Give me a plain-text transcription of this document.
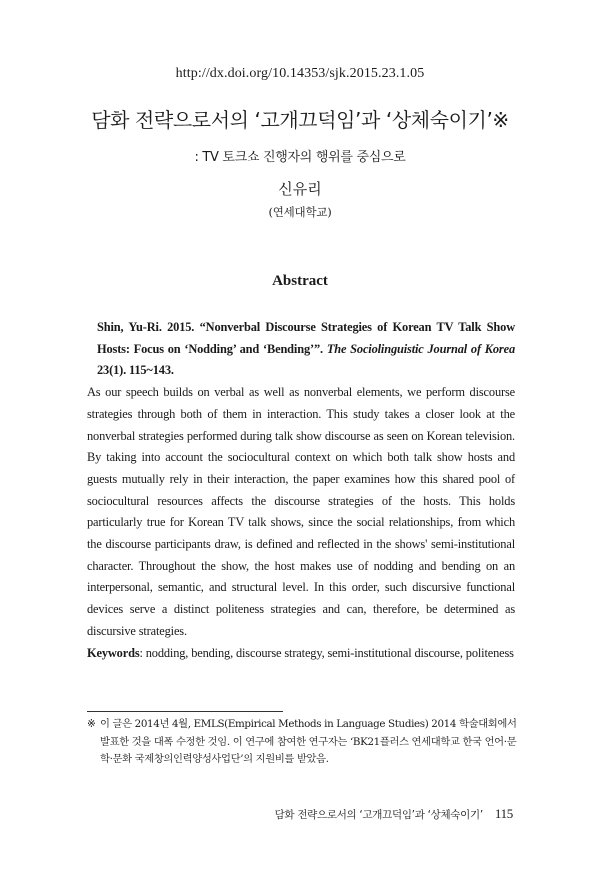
http://dx.doi.org/10.14353/sjk.2015.23.1.05
담화 전략으로서의 ‘고개끄덕임’과 ‘상체숙이기’※
: TV 토크쇼 진행자의 행위를 중심으로
신유리
(연세대학교)
Abstract

Shin, Yu-Ri. 2015. “Nonverbal Discourse Strategies of Korean TV Talk Show Hosts: Focus on ‘Nodding’ and ‘Bending’”. The Sociolinguistic Journal of Korea 23(1). 115~143.

As our speech builds on verbal as well as nonverbal elements, we perform discourse strategies through both of them in interaction. This study takes a closer look at the nonverbal strategies performed during talk show discourse as seen on Korean television. By taking into account the sociocultural context on which both talk show hosts and guests mutually rely in their interaction, the paper examines how this shared pool of sociocultural resources affects the discourse strategies of the hosts. This holds particularly true for Korean TV talk shows, since the social relationships, from which the discourse participants draw, is defined and reflected in the shows' semi-institutional character. Throughout the show, the host makes use of nodding and bending on an interpersonal, semantic, and structural level. In this order, such discursive functional devices serve a distinct politeness strategies and can, therefore, be determined as discursive strategies.

Keywords: nodding, bending, discourse strategy, semi-institutional discourse, politeness

※ 이 글은 2014년 4월, EMLS(Empirical Methods in Language Studies) 2014 학술대회에서 발표한 것을 대폭 수정한 것임. 이 연구에 참여한 연구자는 ‘BK21플러스 연세대학교 한국 언어·문학·문화 국제창의인력양성사업단’의 지원비를 받았음.
담화 전략으로서의 ‘고개끄덕임’과 ‘상체숙이기’ 115
